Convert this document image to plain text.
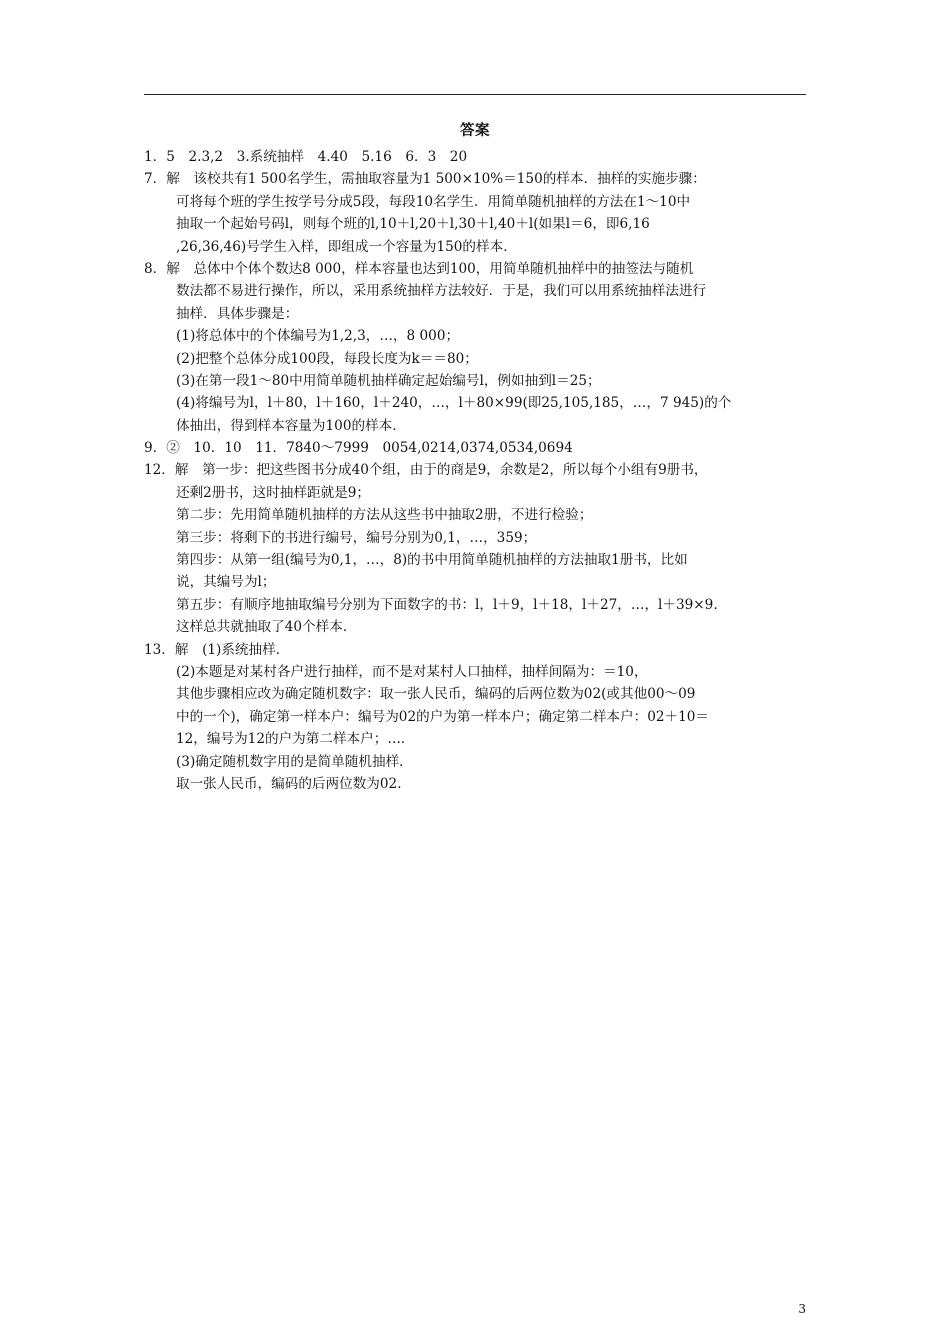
答案
1．5　2.3,2　3.系统抽样　4.40　5.16　6．3　20
7．解　该校共有1 500名学生，需抽取容量为1 500×10%＝150的样本．抽样的实施步骤：
可将每个班的学生按学号分成5段，每段10名学生．用简单随机抽样的方法在1～10中
抽取一个起始号码l，则每个班的l,10＋l,20＋l,30＋l,40＋l(如果l＝6，即6,16
,26,36,46)号学生入样，即组成一个容量为150的样本．
8．解　总体中个体个数达8 000，样本容量也达到100，用简单随机抽样中的抽签法与随机
数法都不易进行操作，所以，采用系统抽样方法较好．于是，我们可以用系统抽样法进行
抽样．具体步骤是：
(1)将总体中的个体编号为1,2,3，…，8 000；
(2)把整个总体分成100段，每段长度为k＝＝80；
(3)在第一段1～80中用简单随机抽样确定起始编号l，例如抽到l＝25；
(4)将编号为l，l＋80，l＋160，l＋240，…，l＋80×99(即25,105,185，…，7 945)的个
体抽出，得到样本容量为100的样本．
9．②　10．10　11．7840～7999　0054,0214,0374,0534,0694
12．解　第一步：把这些图书分成40个组，由于的商是9，余数是2，所以每个小组有9册书，
还剩2册书，这时抽样距就是9；
第二步：先用简单随机抽样的方法从这些书中抽取2册，不进行检验；
第三步：将剩下的书进行编号，编号分别为0,1，…，359；
第四步：从第一组(编号为0,1，…，8)的书中用简单随机抽样的方法抽取1册书，比如
说，其编号为l；
第五步：有顺序地抽取编号分别为下面数字的书：l，l＋9，l＋18，l＋27，…，l＋39×9.
这样总共就抽取了40个样本．
13．解　(1)系统抽样．
(2)本题是对某村各户进行抽样，而不是对某村人口抽样，抽样间隔为：＝10，
其他步骤相应改为确定随机数字：取一张人民币，编码的后两位数为02(或其他00～09
中的一个)，确定第一样本户：编号为02的户为第一样本户；确定第二样本户：02＋10＝
12，编号为12的户为第二样本户；…．
(3)确定随机数字用的是简单随机抽样．
取一张人民币，编码的后两位数为02.
3
